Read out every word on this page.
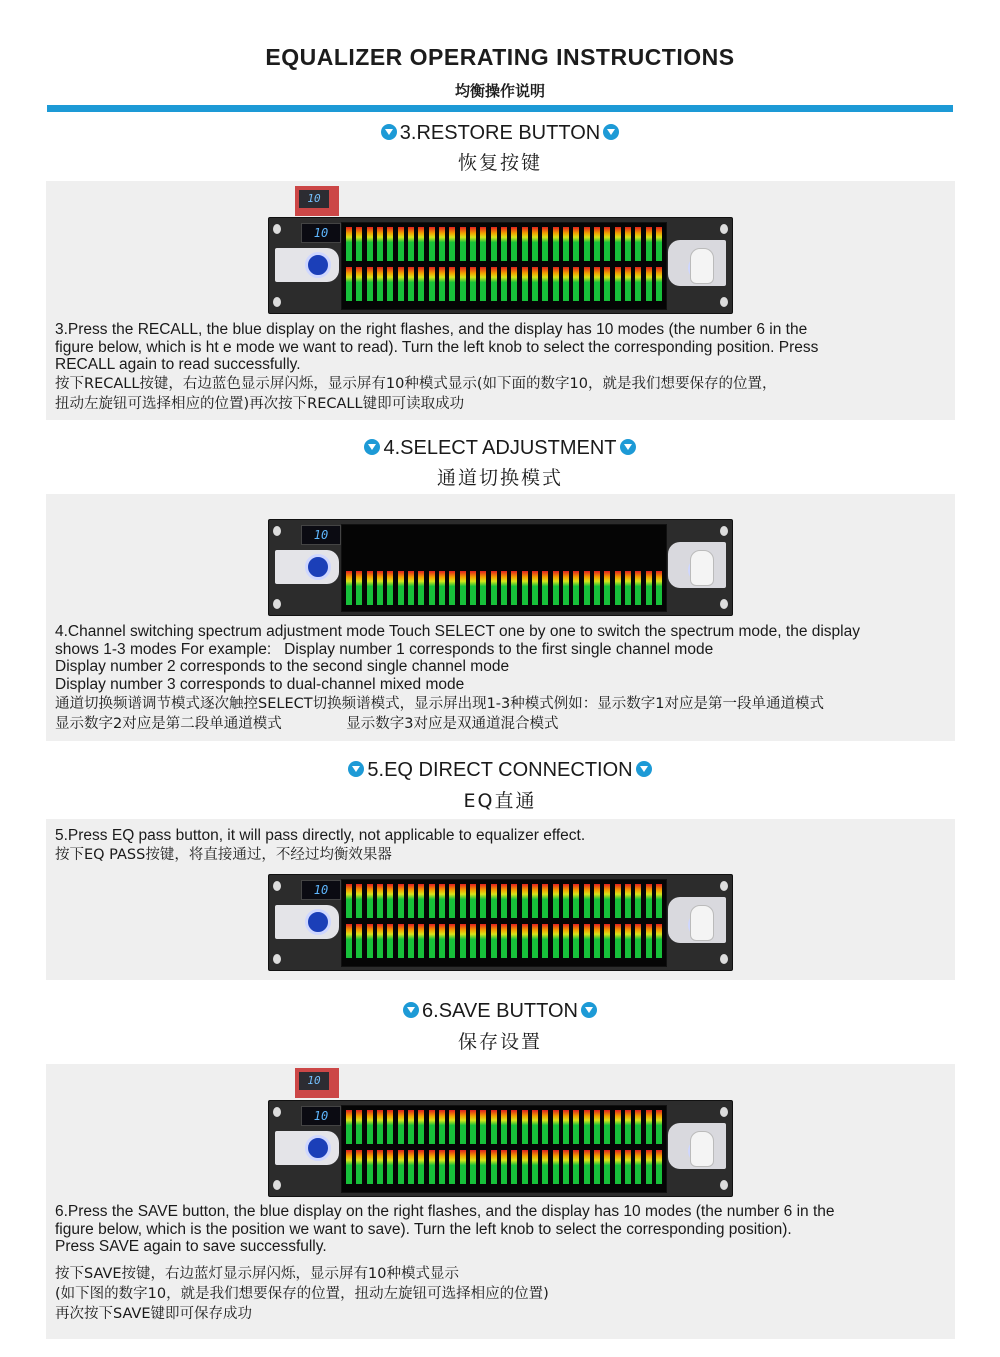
EQUALIZER OPERATING INSTRUCTIONS
均衡操作说明
3.RESTORE BUTTON
恢复按键
10
10
3.Press the RECALL, the blue display on the right flashes, and the display has 10 modes (the number 6 in the
figure below, which is ht e mode we want to read). Turn the left knob to select the corresponding position. Press
RECALL again to read successfully.
按下RECALL按键，右边蓝色显示屏闪烁，显示屏有10种模式显示(如下面的数字10，就是我们想要保存的位置，
扭动左旋钮可选择相应的位置)再次按下RECALL键即可读取成功
4.SELECT ADJUSTMENT
通道切换模式
10
4.Channel switching spectrum adjustment mode Touch SELECT one by one to switch the spectrum mode, the display
shows 1-3 modes For example:   Display number 1 corresponds to the first single channel mode
Display number 2 corresponds to the second single channel mode
Display number 3 corresponds to dual-channel mixed mode
通道切换频谱调节模式逐次触控SELECT切换频谱模式，显示屏出现1-3种模式例如：显示数字1对应是第一段单通道模式
显示数字2对应是第二段单通道模式              显示数字3对应是双通道混合模式
5.EQ DIRECT CONNECTION
EQ直通
5.Press EQ pass button, it will pass directly, not applicable to equalizer effect.
按下EQ PASS按键，将直接通过，不经过均衡效果器
10
6.SAVE BUTTON
保存设置
10
10
6.Press the SAVE button, the blue display on the right flashes, and the display has 10 modes (the number 6 in the
figure below, which is the position we want to save). Turn the left knob to select the corresponding position).
Press SAVE again to save successfully.
按下SAVE按键，右边蓝灯显示屏闪烁，显示屏有10种模式显示
(如下图的数字10，就是我们想要保存的位置，扭动左旋钮可选择相应的位置)
再次按下SAVE键即可保存成功
